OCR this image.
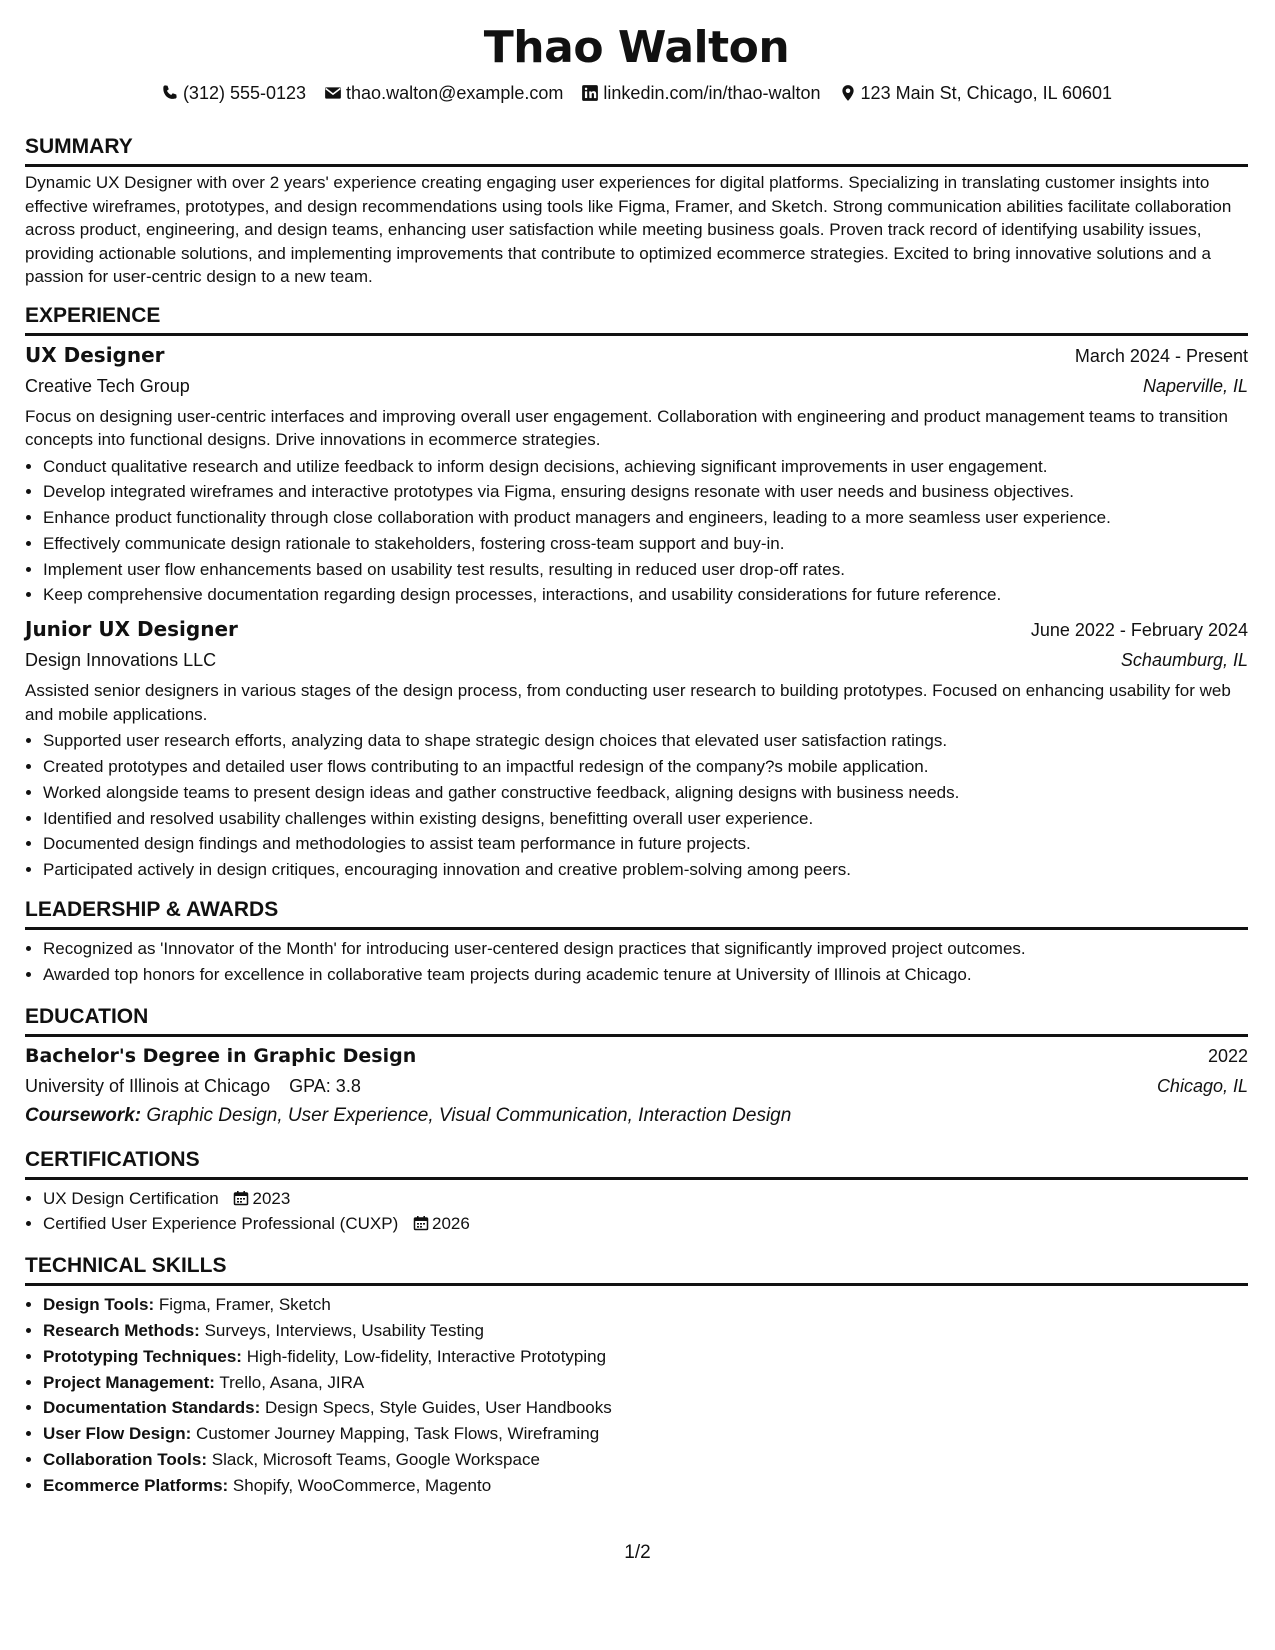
Thao Walton
(312) 555-0123 thao.walton@example.com linkedin.com/in/thao-walton 123 Main St, Chicago, IL 60601
SUMMARY

Dynamic UX Designer with over 2 years' experience creating engaging user experiences for digital platforms. Specializing in translating customer insights into effective wireframes, prototypes, and design recommendations using tools like Figma, Framer, and Sketch. Strong communication abilities facilitate collaboration across product, engineering, and design teams, enhancing user satisfaction while meeting business goals. Proven track record of identifying usability issues, providing actionable solutions, and implementing improvements that contribute to optimized ecommerce strategies. Excited to bring innovative solutions and a passion for user-centric design to a new team.

EXPERIENCE
UX Designer	March 2024 - Present
Creative Tech Group	Naperville, IL

Focus on designing user-centric interfaces and improving overall user engagement. Collaboration with engineering and product management teams to transition concepts into functional designs. Drive innovations in ecommerce strategies.

• Conduct qualitative research and utilize feedback to inform design decisions, achieving significant improvements in user engagement.
• Develop integrated wireframes and interactive prototypes via Figma, ensuring designs resonate with user needs and business objectives.
• Enhance product functionality through close collaboration with product managers and engineers, leading to a more seamless user experience.
• Effectively communicate design rationale to stakeholders, fostering cross-team support and buy-in.
• Implement user flow enhancements based on usability test results, resulting in reduced user drop-off rates.
• Keep comprehensive documentation regarding design processes, interactions, and usability considerations for future reference.
Junior UX Designer	June 2022 - February 2024
Design Innovations LLC	Schaumburg, IL

Assisted senior designers in various stages of the design process, from conducting user research to building prototypes. Focused on enhancing usability for web and mobile applications.

• Supported user research efforts, analyzing data to shape strategic design choices that elevated user satisfaction ratings.
• Created prototypes and detailed user flows contributing to an impactful redesign of the company?s mobile application.
• Worked alongside teams to present design ideas and gather constructive feedback, aligning designs with business needs.
• Identified and resolved usability challenges within existing designs, benefitting overall user experience.
• Documented design findings and methodologies to assist team performance in future projects.
• Participated actively in design critiques, encouraging innovation and creative problem-solving among peers.
LEADERSHIP & AWARDS
• Recognized as 'Innovator of the Month' for introducing user-centered design practices that significantly improved project outcomes.
• Awarded top honors for excellence in collaborative team projects during academic tenure at University of Illinois at Chicago.
EDUCATION
Bachelor's Degree in Graphic Design	2022
University of Illinois at Chicago GPA: 3.8	Chicago, IL
Coursework: Graphic Design, User Experience, Visual Communication, Interaction Design
CERTIFICATIONS
• UX Design Certification 2023
• Certified User Experience Professional (CUXP) 2026
TECHNICAL SKILLS
• Design Tools: Figma, Framer, Sketch
• Research Methods: Surveys, Interviews, Usability Testing
• Prototyping Techniques: High-fidelity, Low-fidelity, Interactive Prototyping
• Project Management: Trello, Asana, JIRA
• Documentation Standards: Design Specs, Style Guides, User Handbooks
• User Flow Design: Customer Journey Mapping, Task Flows, Wireframing
• Collaboration Tools: Slack, Microsoft Teams, Google Workspace
• Ecommerce Platforms: Shopify, WooCommerce, Magento
1/2
